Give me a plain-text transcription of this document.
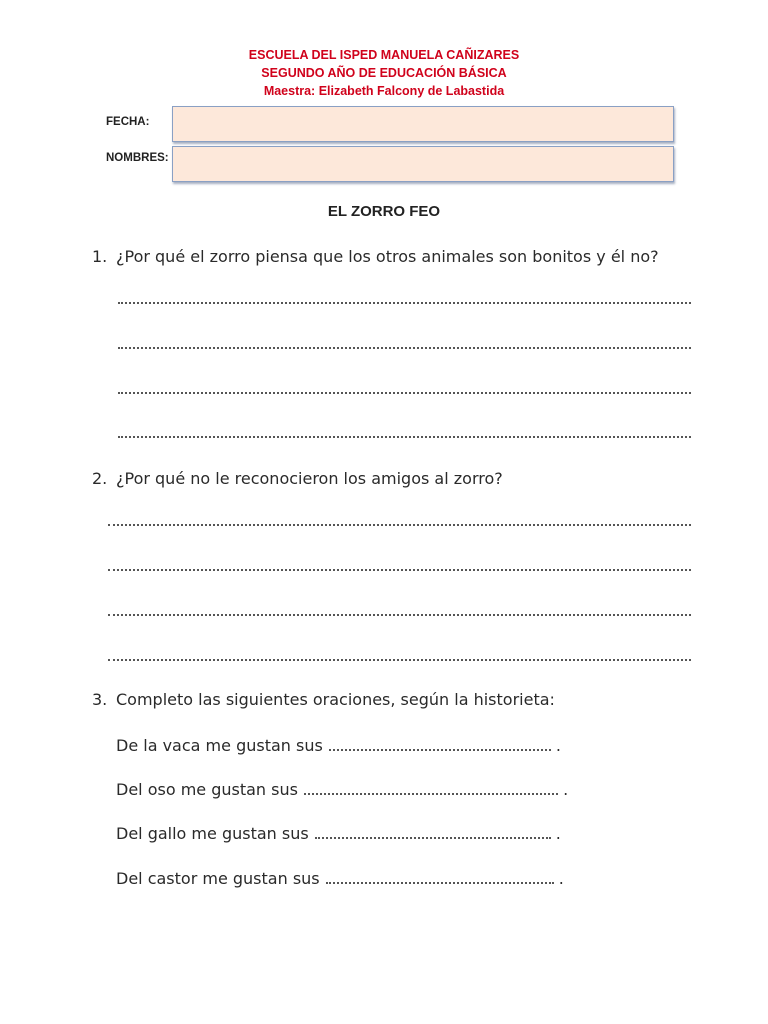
ESCUELA DEL ISPED MANUELA CAÑIZARES
SEGUNDO AÑO DE EDUCACIÓN BÁSICA
Maestra: Elizabeth Falcony de Labastida
FECHA:
NOMBRES:
EL ZORRO FEO
1. ¿Por qué el zorro piensa que los otros animales son bonitos y él no?
2. ¿Por qué no le reconocieron los amigos al zorro?
3. Completo las siguientes oraciones, según la historieta:
De la vaca me gustan sus	.
Del oso me gustan sus	.
Del gallo me gustan sus	.
Del castor me gustan sus	.
